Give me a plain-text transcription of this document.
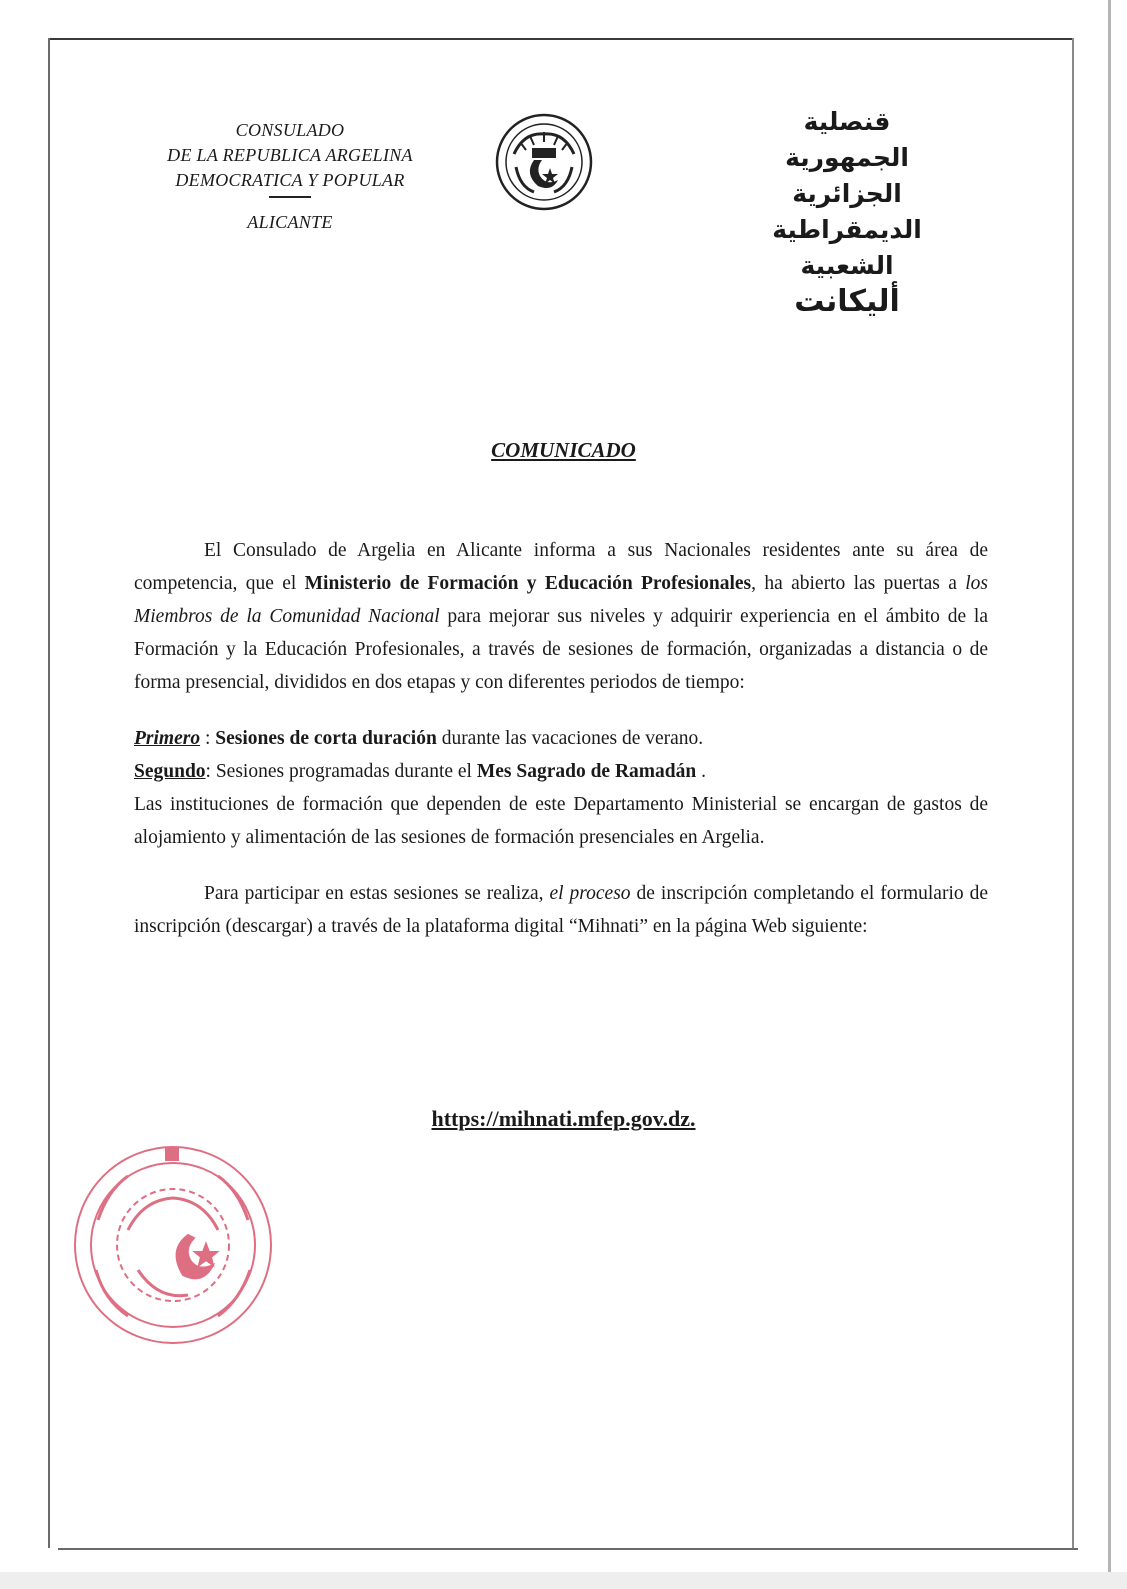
CONSULADO
DE LA REPUBLICA ARGELINA
DEMOCRATICA Y POPULAR
ALICANTE
قنصلية
الجمهورية الجزائرية
الديمقراطية الشعبية
أليكانت
COMUNICADO

El Consulado de Argelia en Alicante informa a sus Nacionales residentes ante su área de competencia, que el Ministerio de Formación y Educación Profesionales, ha abierto las puertas a los Miembros de la Comunidad Nacional para mejorar sus niveles y adquirir experiencia en el ámbito de la Formación y la Educación Profesionales, a través de sesiones de formación, organizadas a distancia o de forma presencial, divididos en dos etapas y con diferentes periodos de tiempo:

Primero : Sesiones de corta duración durante las vacaciones de verano.

Segundo: Sesiones programadas durante el Mes Sagrado de Ramadán .

Las instituciones de formación que dependen de este Departamento Ministerial se encargan de gastos de alojamiento y alimentación de las sesiones de formación presenciales en Argelia.

Para participar en estas sesiones se realiza, el proceso de inscripción completando el formulario de inscripción (descargar) a través de la plataforma digital “Mihnati” en la página Web siguiente:

https://mihnati.mfep.gov.dz.
